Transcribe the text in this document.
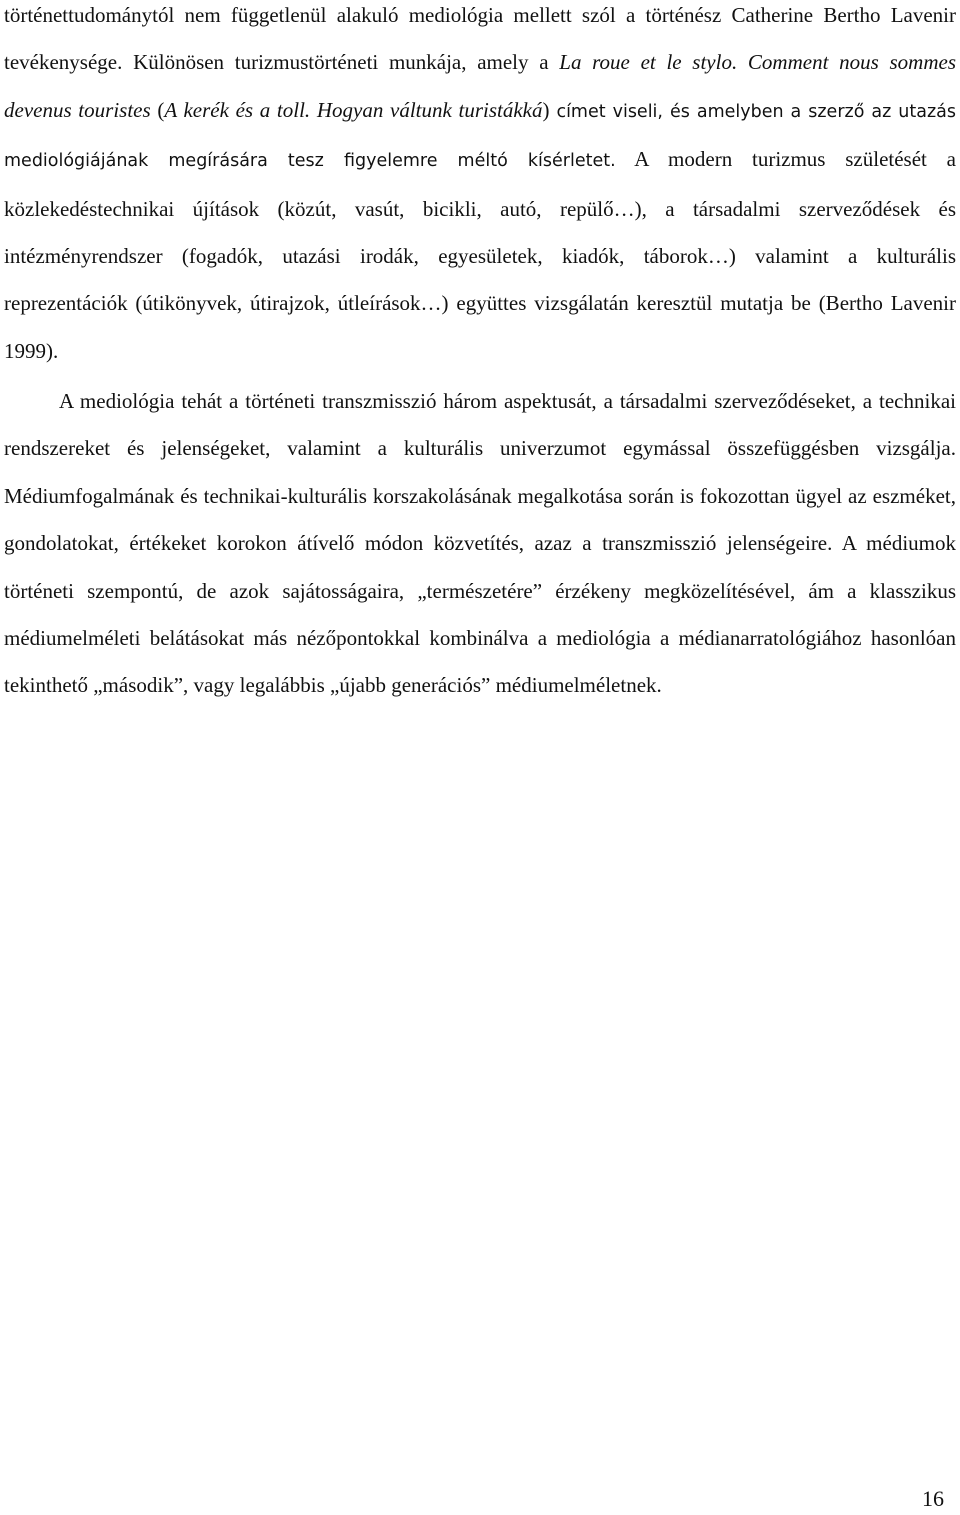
történettudománytól nem függetlenül alakuló mediológia mellett szól a történész Catherine Bertho Lavenir tevékenysége. Különösen turizmustörténeti munkája, amely a La roue et le stylo. Comment nous sommes devenus touristes (A kerék és a toll. Hogyan váltunk turistákká) címet viseli, és amelyben a szerző az utazás mediológiájának megírására tesz figyelemre méltó kísérletet. A modern turizmus születését a közlekedéstechnikai újítások (közút, vasút, bicikli, autó, repülő…), a társadalmi szerveződések és intézményrendszer (fogadók, utazási irodák, egyesületek, kiadók, táborok…) valamint a kulturális reprezentációk (útikönyvek, útirajzok, útleírások…) együttes vizsgálatán keresztül mutatja be (Bertho Lavenir 1999).
A mediológia tehát a történeti transzmisszió három aspektusát, a társadalmi szerveződéseket, a technikai rendszereket és jelenségeket, valamint a kulturális univerzumot egymással összefüggésben vizsgálja. Médiumfogalmának és technikai-kulturális korszakolásának megalkotása során is fokozottan ügyel az eszméket, gondolatokat, értékeket korokon átívelő módon közvetítés, azaz a transzmisszió jelenségeire. A médiumok történeti szempontú, de azok sajátosságaira, „természetére” érzékeny megközelítésével, ám a klasszikus médiumelméleti belátásokat más nézőpontokkal kombinálva a mediológia a médianarratológiához hasonlóan tekinthető „második”, vagy legalábbis „újabb generációs” médiumelméletnek.
16
